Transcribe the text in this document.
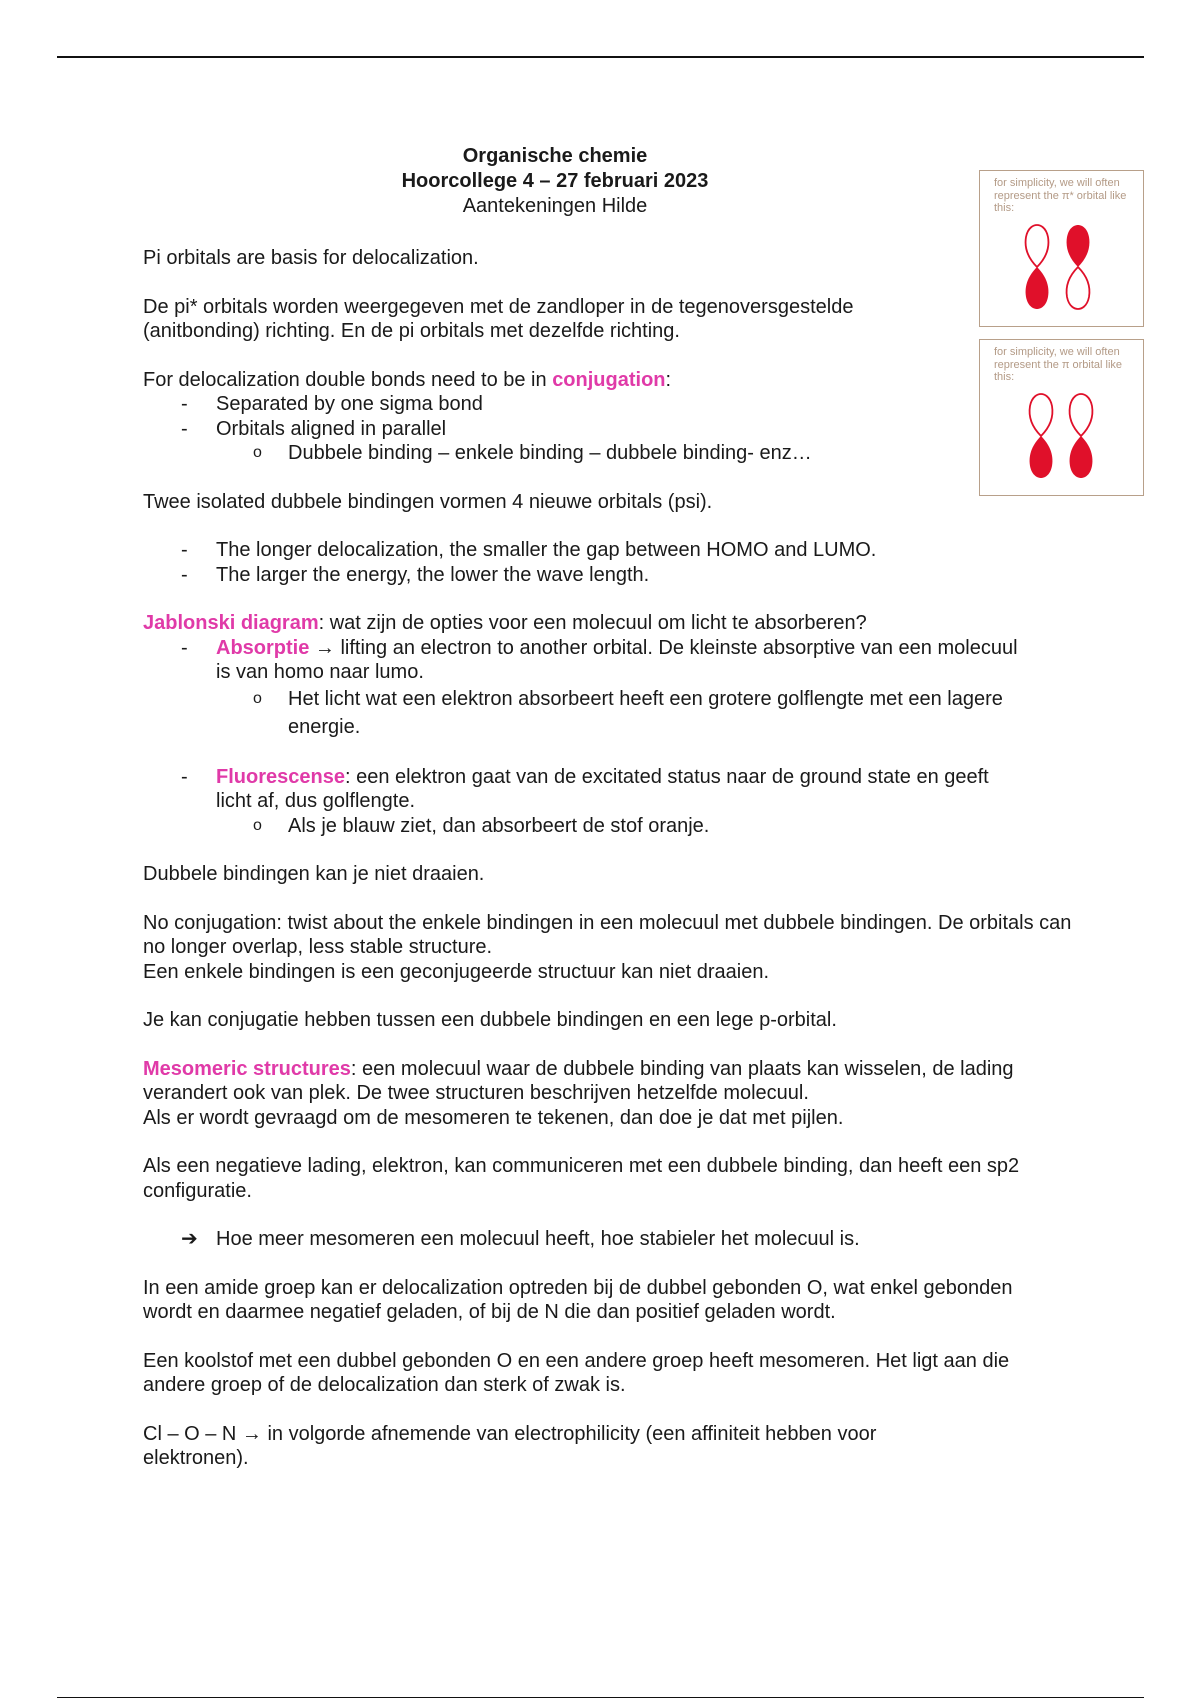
Organische chemie
Hoorcollege 4 – 27 februari 2023
Aantekeningen Hilde
for simplicity, we will often represent the π* orbital like this:
for simplicity, we will often represent the π orbital like this:

Pi orbitals are basis for delocalization.

De pi* orbitals worden weergegeven met de zandloper in de tegenoversgestelde (anitbonding) richting. En de pi orbitals met dezelfde richting.

For delocalization double bonds need to be in conjugation:

- Separated by one sigma bond
- Orbitals aligned in parallel
o Dubbele binding – enkele binding – dubbele binding- enz…

Twee isolated dubbele bindingen vormen 4 nieuwe orbitals (psi).

- The longer delocalization, the smaller the gap between HOMO and LUMO.
- The larger the energy, the lower the wave length.

Jablonski diagram: wat zijn de opties voor een molecuul om licht te absorberen?

- Absorptie → lifting an electron to another orbital. De kleinste absorptive van een molecuul is van homo naar lumo.
o Het licht wat een elektron absorbeert heeft een grotere golflengte met een lagere energie.
- Fluorescense: een elektron gaat van de excitated status naar de ground state en geeft licht af, dus golflengte.
o Als je blauw ziet, dan absorbeert de stof oranje.

Dubbele bindingen kan je niet draaien.

No conjugation: twist about the enkele bindingen in een molecuul met dubbele bindingen. De orbitals can no longer overlap, less stable structure.

Een enkele bindingen is een geconjugeerde structuur kan niet draaien.

Je kan conjugatie hebben tussen een dubbele bindingen en een lege p-orbital.

Mesomeric structures: een molecuul waar de dubbele binding van plaats kan wisselen, de lading verandert ook van plek. De twee structuren beschrijven hetzelfde molecuul.

Als er wordt gevraagd om de mesomeren te tekenen, dan doe je dat met pijlen.

Als een negatieve lading, elektron, kan communiceren met een dubbele binding, dan heeft een sp2 configuratie.

➔ Hoe meer mesomeren een molecuul heeft, hoe stabieler het molecuul is.

In een amide groep kan er delocalization optreden bij de dubbel gebonden O, wat enkel gebonden wordt en daarmee negatief geladen, of bij de N die dan positief geladen wordt.

Een koolstof met een dubbel gebonden O en een andere groep heeft mesomeren. Het ligt aan die andere groep of de delocalization dan sterk of zwak is.

Cl – O – N → in volgorde afnemende van electrophilicity (een affiniteit hebben voor elektronen).
